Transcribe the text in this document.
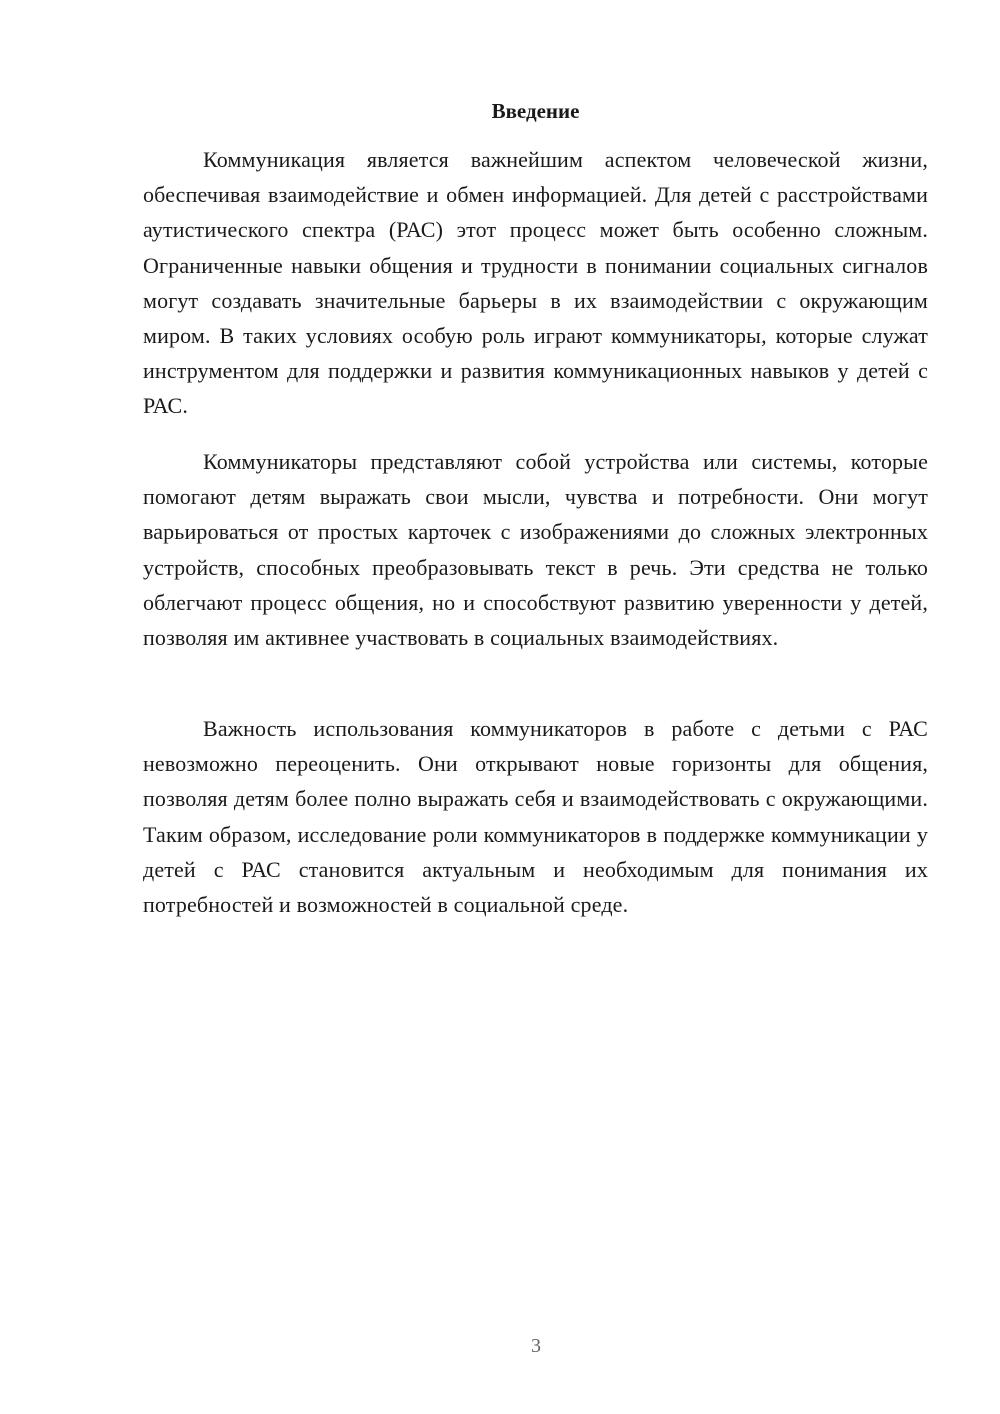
Введение

Коммуникация является важнейшим аспектом человеческой жизни, обеспечивая взаимодействие и обмен информацией. Для детей с расстройствами аутистического спектра (РАС) этот процесс может быть особенно сложным. Ограниченные навыки общения и трудности в понимании социальных сигналов могут создавать значительные барьеры в их взаимодействии с окружающим миром. В таких условиях особую роль играют коммуникаторы, которые служат инструментом для поддержки и развития коммуникационных навыков у детей с РАС.

Коммуникаторы представляют собой устройства или системы, которые помогают детям выражать свои мысли, чувства и потребности. Они могут варьироваться от простых карточек с изображениями до сложных электронных устройств, способных преобразовывать текст в речь. Эти средства не только облегчают процесс общения, но и способствуют развитию уверенности у детей, позволяя им активнее участвовать в социальных взаимодействиях.

Важность использования коммуникаторов в работе с детьми с РАС невозможно переоценить. Они открывают новые горизонты для общения, позволяя детям более полно выражать себя и взаимодействовать с окружающими. Таким образом, исследование роли коммуникаторов в поддержке коммуникации у детей с РАС становится актуальным и необходимым для понимания их потребностей и возможностей в социальной среде.

3
